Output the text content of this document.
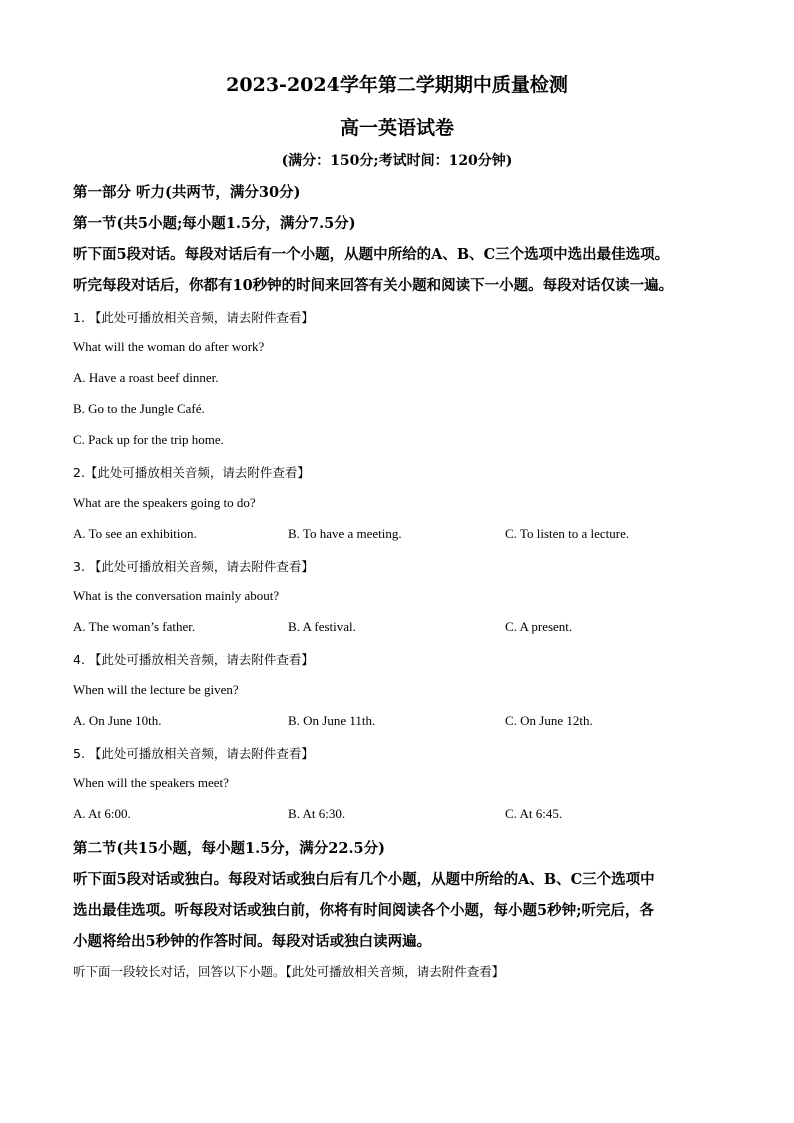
2023-2024学年第二学期期中质量检测
高一英语试卷
(满分：150分;考试时间：120分钟)
第一部分 听力(共两节，满分30分)
第一节(共5小题;每小题1.5分，满分7.5分)
听下面5段对话。每段对话后有一个小题，从题中所给的A、B、C三个选项中选出最佳选项。
听完每段对话后，你都有10秒钟的时间来回答有关小题和阅读下一小题。每段对话仅读一遍。
1. 【此处可播放相关音频，请去附件查看】
What will the woman do after work?
A. Have a roast beef dinner.
B. Go to the Jungle Café.
C. Pack up for the trip home.
2.【此处可播放相关音频，请去附件查看】
What are the speakers going to do?
A. To see an exhibition.	B. To have a meeting.	C. To listen to a lecture.
3. 【此处可播放相关音频，请去附件查看】
What is the conversation mainly about?
A. The woman’s father.	B. A festival.	C. A present.
4. 【此处可播放相关音频，请去附件查看】
When will the lecture be given?
A. On June 10th.	B. On June 11th.	C. On June 12th.
5. 【此处可播放相关音频，请去附件查看】
When will the speakers meet?
A. At 6:00.	B. At 6:30.	C. At 6:45.
第二节(共15小题，每小题1.5分，满分22.5分)
听下面5段对话或独白。每段对话或独白后有几个小题，从题中所给的A、B、C三个选项中
选出最佳选项。听每段对话或独白前，你将有时间阅读各个小题，每小题5秒钟;听完后，各
小题将给出5秒钟的作答时间。每段对话或独白读两遍。
听下面一段较长对话，回答以下小题。【此处可播放相关音频，请去附件查看】
